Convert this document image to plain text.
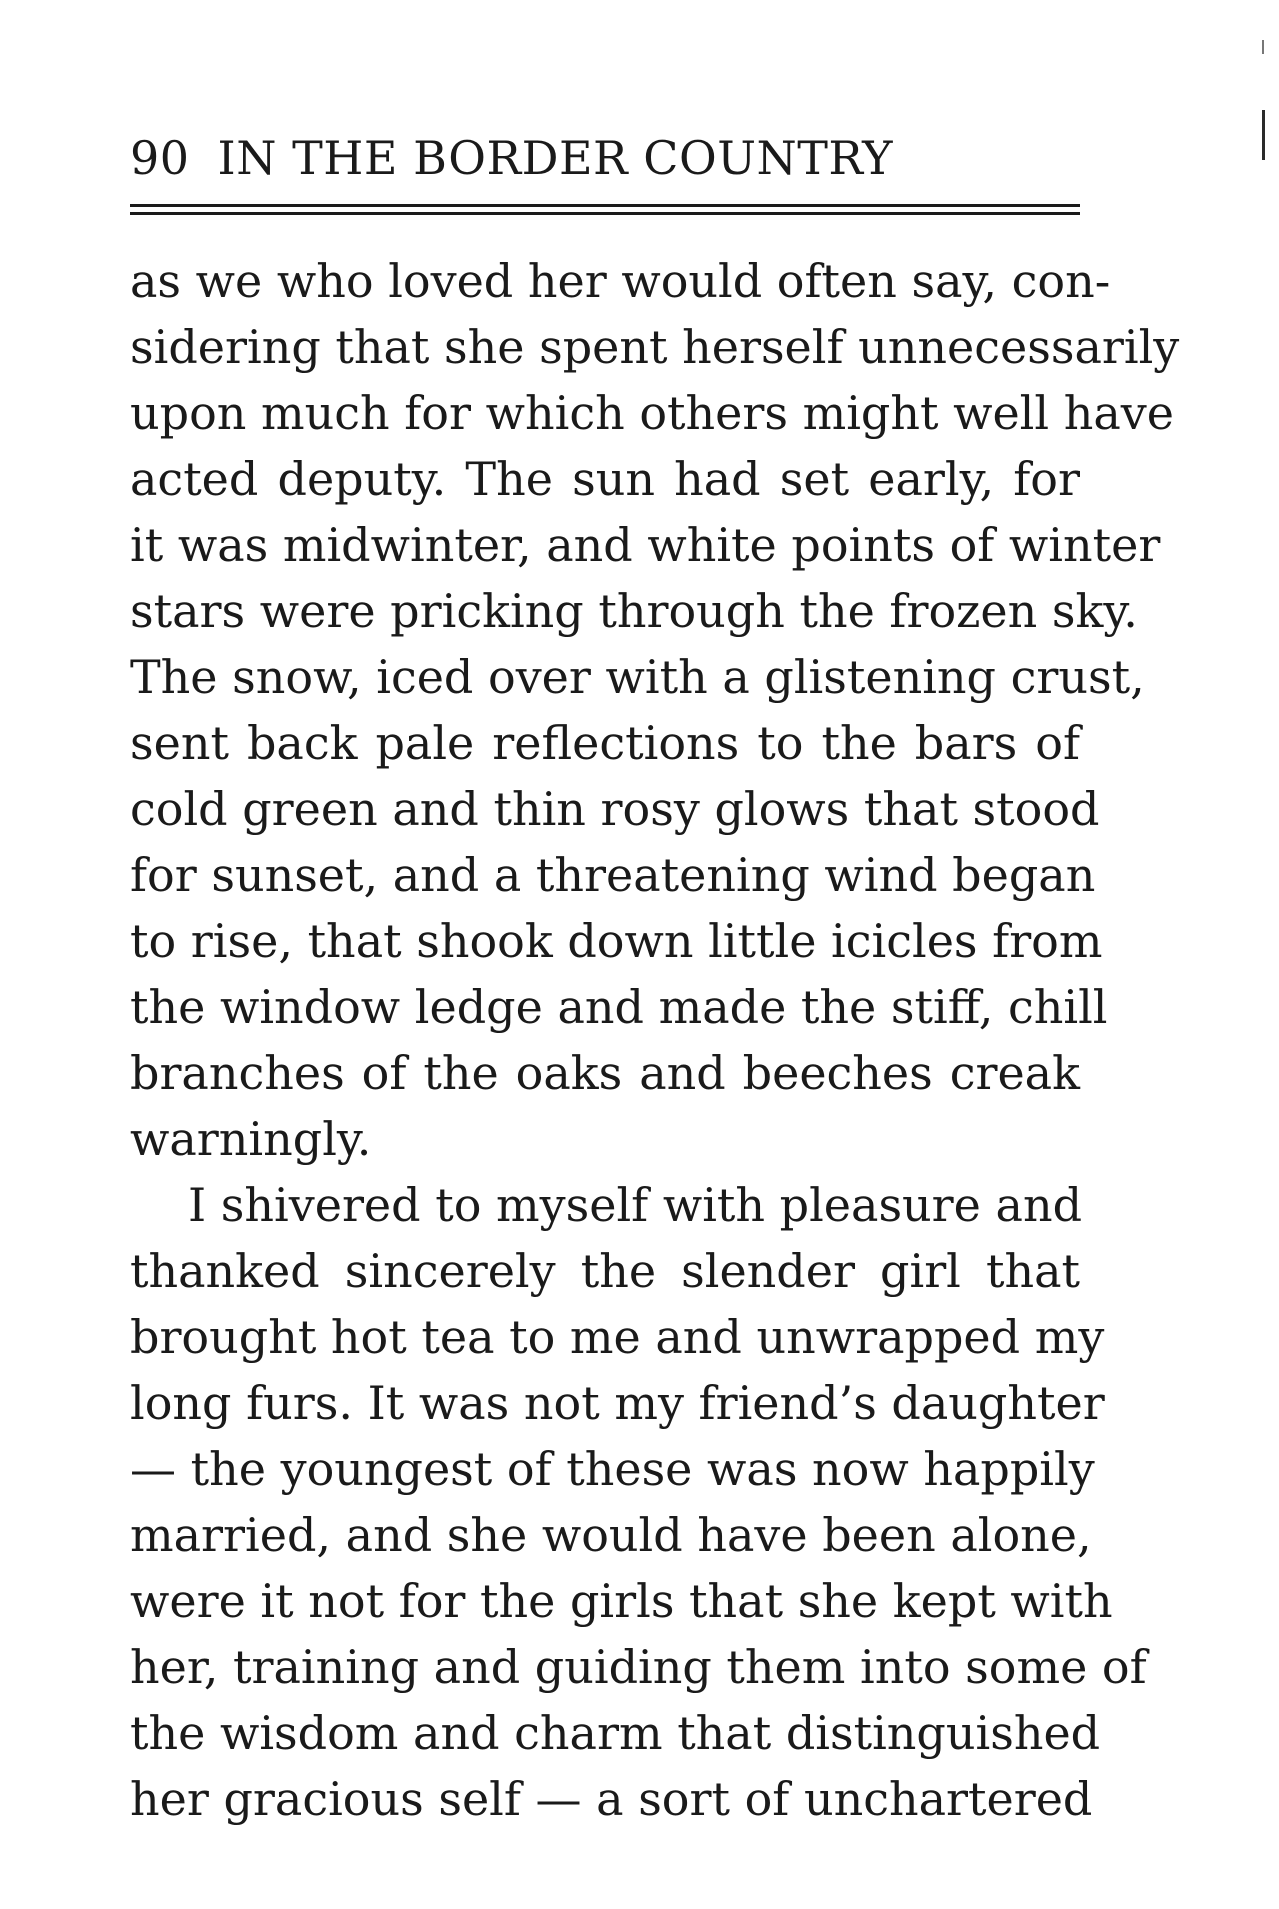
90 IN THE BORDER COUNTRY
as we who loved her would often say, con-
sidering that she spent herself unnecessarily
upon much for which others might well have
acted deputy. The sun had set early, for
it was midwinter, and white points of winter
stars were pricking through the frozen sky.
The snow, iced over with a glistening crust,
sent back pale reflections to the bars of
cold green and thin rosy glows that stood
for sunset, and a threatening wind began
to rise, that shook down little icicles from
the window ledge and made the stiff, chill
branches of the oaks and beeches creak
warningly.
I shivered to myself with pleasure and
thanked sincerely the slender girl that
brought hot tea to me and unwrapped my
long furs. It was not my friend’s daughter
— the youngest of these was now happily
married, and she would have been alone,
were it not for the girls that she kept with
her, training and guiding them into some of
the wisdom and charm that distinguished
her gracious self — a sort of unchartered
